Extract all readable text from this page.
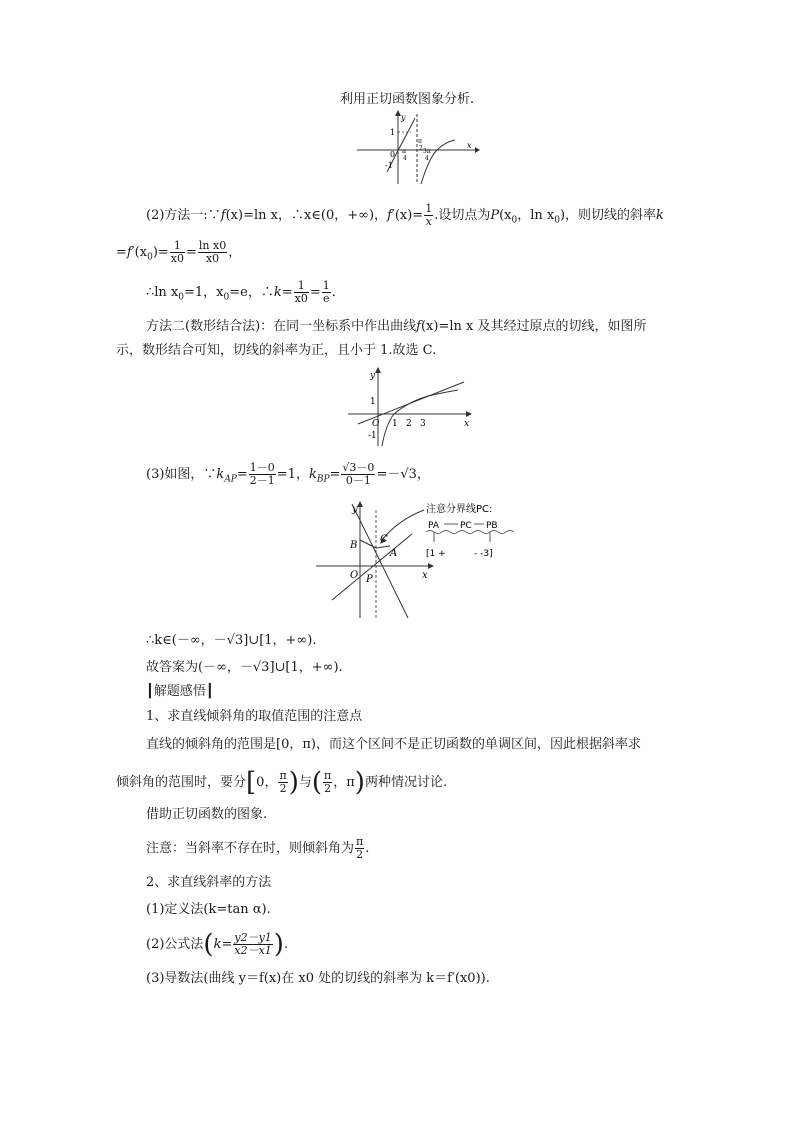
利用正切函数图象分析.
y
x
1
0
-1
π
4
π
2 3π
4
(2)方法一:∵f(x)=ln x，∴x∈(0，+∞)，$f'(x)= \frac{1}{x}$ .设切点为$P(x_0$，$\ln x_0$)，则切线的斜率k
$=f'(x_0)= \frac{1}{x0} = \frac{\text{ln x0}}{x0}$ ，
∴ln $x_0=1$，$x_0=e$，∴k= $\frac{1}{x0} = \frac{1}{e}$ .
方法二(数形结合法)：在同一坐标系中作出曲线f(x)=ln x 及其经过原点的切线，如图所
示，数形结合可知，切线的斜率为正，且小于 1.故选 C.
y
x
O
1
-1
1 2 3
(3)如图，$\because k_{AP}= \frac{1-0}{2-1} =1$，$k_{BP}= \frac{√3-0}{0-1} =-√3$，
y
x
O
B
C
A
P
注意分界线PC:
PA PC PB
[1 +	- -3]
∴k∈(－∞，－√3]∪[1，+∞).
故答案为(－∞，－√3]∪[1，+∞).
┃解题感悟┃
1、求直线倾斜角的取值范围的注意点
直线的倾斜角的范围是[0，π)，而这个区间不是正切函数的单调区间，因此根据斜率求
倾斜角的范围时，要分[0， $\frac{\pi}{2}$ )与( $\frac{\pi}{2}$ ，π)两种情况讨论.
借助正切函数的图象.
注意：当斜率不存在时，则倾斜角为 $\frac{\pi}{2}$ .
2、求直线斜率的方法
(1)定义法(k=tan α).
(2)公式法($k= \frac{y2-y1}{x2-x1}$ ).
(3)导数法(曲线 y＝f(x)在 x0 处的切线的斜率为 k＝f′(x0)).
